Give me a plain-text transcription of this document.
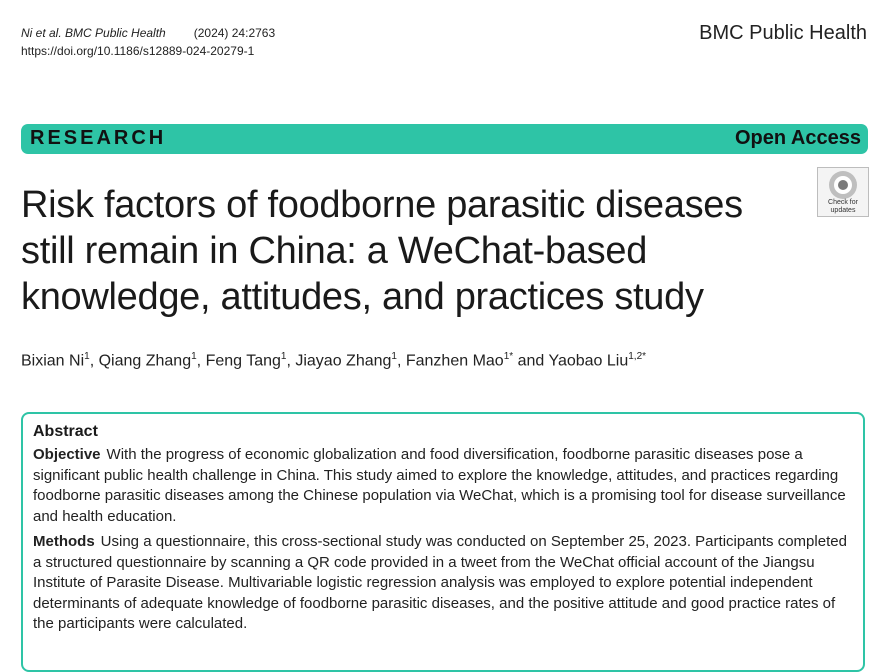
Ni et al. BMC Public Health (2024) 24:2763
https://doi.org/10.1186/s12889-024-20279-1
BMC Public Health
RESEARCH	Open Access
Check for
updates
Risk factors of foodborne parasitic diseases still remain in China: a WeChat-based knowledge, attitudes, and practices study
Bixian Ni$^1$, Qiang Zhang$^1$, Feng Tang$^1$, Jiayao Zhang$^1$, Fanzhen Mao$^{1*}$ and Yaobao Liu$^{1,2*}$
Abstract

Objective With the progress of economic globalization and food diversification, foodborne parasitic diseases pose a significant public health challenge in China. This study aimed to explore the knowledge, attitudes, and practices regarding foodborne parasitic diseases among the Chinese population via WeChat, which is a promising tool for disease surveillance and health education.

Methods Using a questionnaire, this cross-sectional study was conducted on September 25, 2023. Participants completed a structured questionnaire by scanning a QR code provided in a tweet from the WeChat official account of the Jiangsu Institute of Parasite Disease. Multivariable logistic regression analysis was employed to explore potential independent determinants of adequate knowledge of foodborne parasitic diseases, and the positive attitude and good practice rates of the participants were calculated.
